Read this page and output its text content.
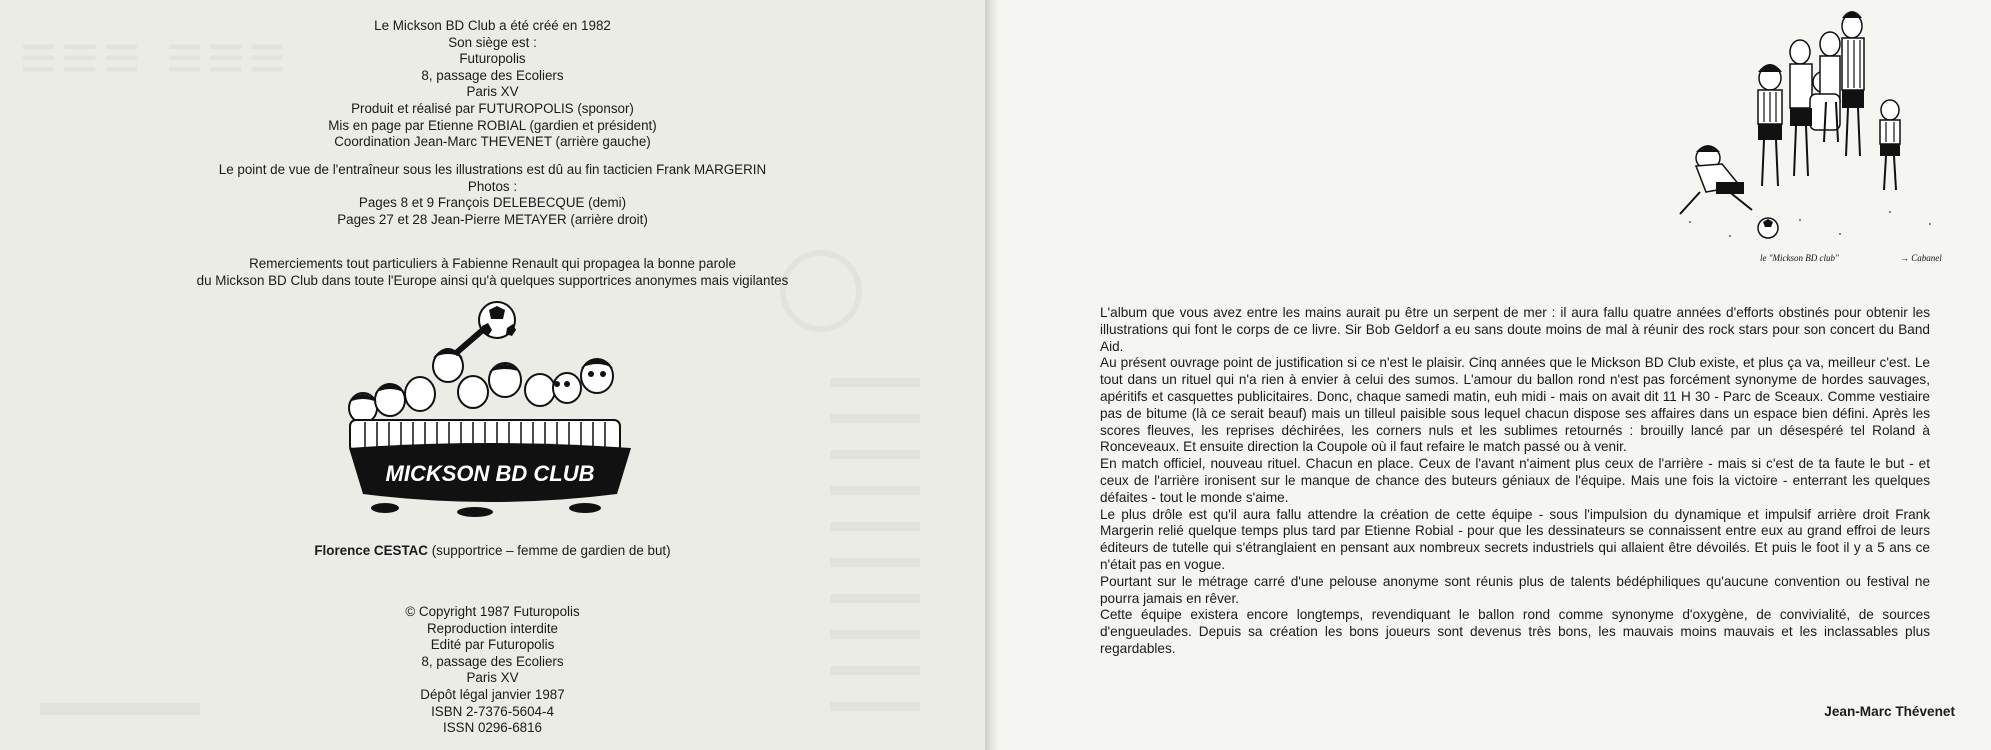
≡≡≡ ≡≡≡
▬▬▬
▬▬▬
▬▬▬
▬▬▬
▬▬▬
▬▬▬
▬▬▬
▬▬▬
▬▬▬
▬▬▬
▬▬▬▬
Le Mickson BD Club a été créé en 1982
Son siège est :
Futuropolis
8, passage des Ecoliers
Paris XV
Produit et réalisé par FUTUROPOLIS (sponsor)
Mis en page par Etienne ROBIAL (gardien et président)
Coordination Jean-Marc THEVENET (arrière gauche)
Le point de vue de l'entraîneur sous les illustrations est dû au fin tacticien Frank MARGERIN
Photos :
Pages 8 et 9 François DELEBECQUE (demi)
Pages 27 et 28 Jean-Pierre METAYER (arrière droit)
Remerciements tout particuliers à Fabienne Renault qui propagea la bonne parole
du Mickson BD Club dans toute l'Europe ainsi qu'à quelques supportrices anonymes mais vigilantes
MICKSON BD CLUB
Florence CESTAC (supportrice – femme de gardien de but)
© Copyright 1987 Futuropolis
Reproduction interdite
Edité par Futuropolis
8, passage des Ecoliers
Paris XV
Dépôt légal janvier 1987
ISBN 2-7376-5604-4
ISSN 0296-6816
le "Mickson BD club"	→ Cabanel

L'album que vous avez entre les mains aurait pu être un serpent de mer : il aura fallu quatre années d'efforts obstinés pour obtenir les illustrations qui font le corps de ce livre. Sir Bob Geldorf a eu sans doute moins de mal à réunir des rock stars pour son concert du Band Aid.

Au présent ouvrage point de justification si ce n'est le plaisir. Cinq années que le Mickson BD Club existe, et plus ça va, meilleur c'est. Le tout dans un rituel qui n'a rien à envier à celui des sumos. L'amour du ballon rond n'est pas forcément synonyme de hordes sauvages, apéritifs et casquettes publicitaires. Donc, chaque samedi matin, euh midi - mais on avait dit 11 H 30 - Parc de Sceaux. Comme vestiaire pas de bitume (là ce serait beauf) mais un tilleul paisible sous lequel chacun dispose ses affaires dans un espace bien défini. Après les scores fleuves, les reprises déchirées, les corners nuls et les sublimes retournés : brouilly lancé par un désespéré tel Roland à Ronceveaux. Et ensuite direction la Coupole où il faut refaire le match passé ou à venir.

En match officiel, nouveau rituel. Chacun en place. Ceux de l'avant n'aiment plus ceux de l'arrière - mais si c'est de ta faute le but - et ceux de l'arrière ironisent sur le manque de chance des buteurs géniaux de l'équipe. Mais une fois la victoire - enterrant les quelques défaites - tout le monde s'aime.

Le plus drôle est qu'il aura fallu attendre la création de cette équipe - sous l'impulsion du dynamique et impulsif arrière droit Frank Margerin relié quelque temps plus tard par Etienne Robial - pour que les dessinateurs se connaissent entre eux au grand effroi de leurs éditeurs de tutelle qui s'étranglaient en pensant aux nombreux secrets industriels qui allaient être dévoilés. Et puis le foot il y a 5 ans ce n'était pas en vogue.

Pourtant sur le métrage carré d'une pelouse anonyme sont réunis plus de talents bédéphiliques qu'aucune convention ou festival ne pourra jamais en rêver.

Cette équipe existera encore longtemps, revendiquant le ballon rond comme synonyme d'oxygène, de convivialité, de sources d'engueulades. Depuis sa création les bons joueurs sont devenus très bons, les mauvais moins mauvais et les inclassables plus regardables.

Jean-Marc Thévenet
